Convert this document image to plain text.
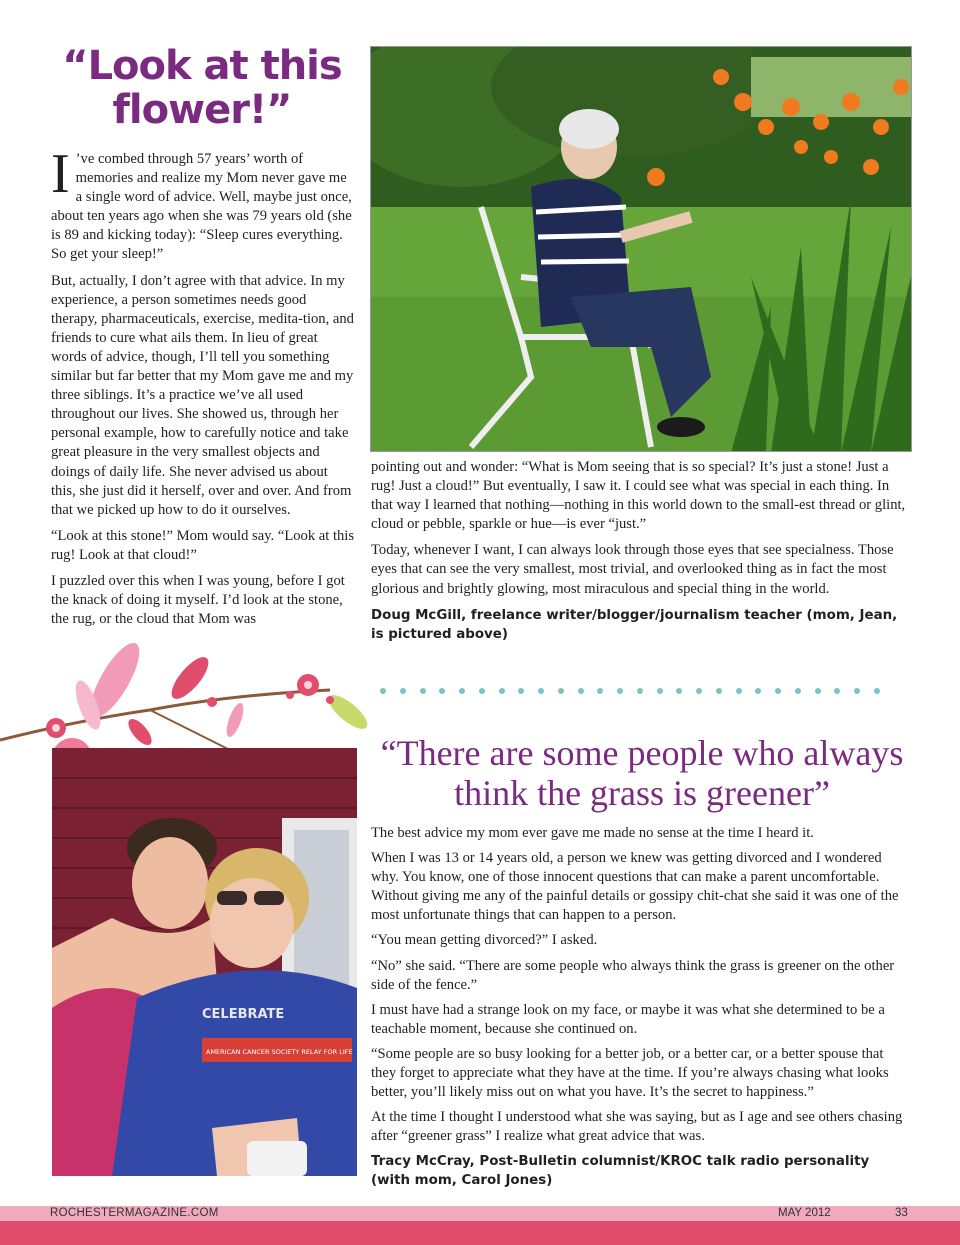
“Look at this flower!”

I ’ve combed through 57 years’ worth of memories and realize my Mom never gave me a single word of advice. Well, maybe just once, about ten years ago when she was 79 years old (she is 89 and kicking today): “Sleep cures everything. So get your sleep!”

But, actually, I don’t agree with that advice. In my experience, a person sometimes needs good therapy, pharmaceuticals, exercise, medita-tion, and friends to cure what ails them. In lieu of great words of advice, though, I’ll tell you something similar but far better that my Mom gave me and my three siblings. It’s a practice we’ve all used throughout our lives. She showed us, through her personal example, how to carefully notice and take great pleasure in the very smallest objects and doings of daily life. She never advised us about this, she just did it herself, over and over. And from that we picked up how to do it ourselves.

“Look at this stone!” Mom would say. “Look at this rug! Look at that cloud!”

I puzzled over this when I was young, before I got the knack of doing it myself. I’d look at the stone, the rug, or the cloud that Mom was

pointing out and wonder: “What is Mom seeing that is so special? It’s just a stone! Just a rug! Just a cloud!” But eventually, I saw it. I could see what was special in each thing. In that way I learned that nothing—nothing in this world down to the small-est thread or glint, cloud or pebble, sparkle or hue—is ever “just.”

Today, whenever I want, I can always look through those eyes that see specialness. Those eyes that can see the very smallest, most trivial, and overlooked thing as in fact the most glorious and brightly glowing, most miraculous and special thing in the world.

Doug McGill, freelance writer/blogger/journalism teacher (mom, Jean, is pictured above)

CELEBRATE
AMERICAN CANCER SOCIETY RELAY FOR LIFE
“There are some people who always think the grass is greener”

The best advice my mom ever gave me made no sense at the time I heard it.

When I was 13 or 14 years old, a person we knew was getting divorced and I wondered why. You know, one of those innocent questions that can make a parent uncomfortable. Without giving me any of the painful details or gossipy chit-chat she said it was one of the most unfortunate things that can happen to a person.

“You mean getting divorced?” I asked.

“No” she said. “There are some people who always think the grass is greener on the other side of the fence.”

I must have had a strange look on my face, or maybe it was what she determined to be a teachable moment, because she continued on.

“Some people are so busy looking for a better job, or a better car, or a better spouse that they forget to appreciate what they have at the time. If you’re always chasing what looks better, you’ll likely miss out on what you have. It’s the secret to happiness.”

At the time I thought I understood what she was saying, but as I age and see others chasing after “greener grass” I realize what great advice that was.

Tracy McCray, Post-Bulletin columnist/KROC talk radio personality (with mom, Carol Jones)

ROCHESTERMAGAZINE.COM	MAY 2012	33
